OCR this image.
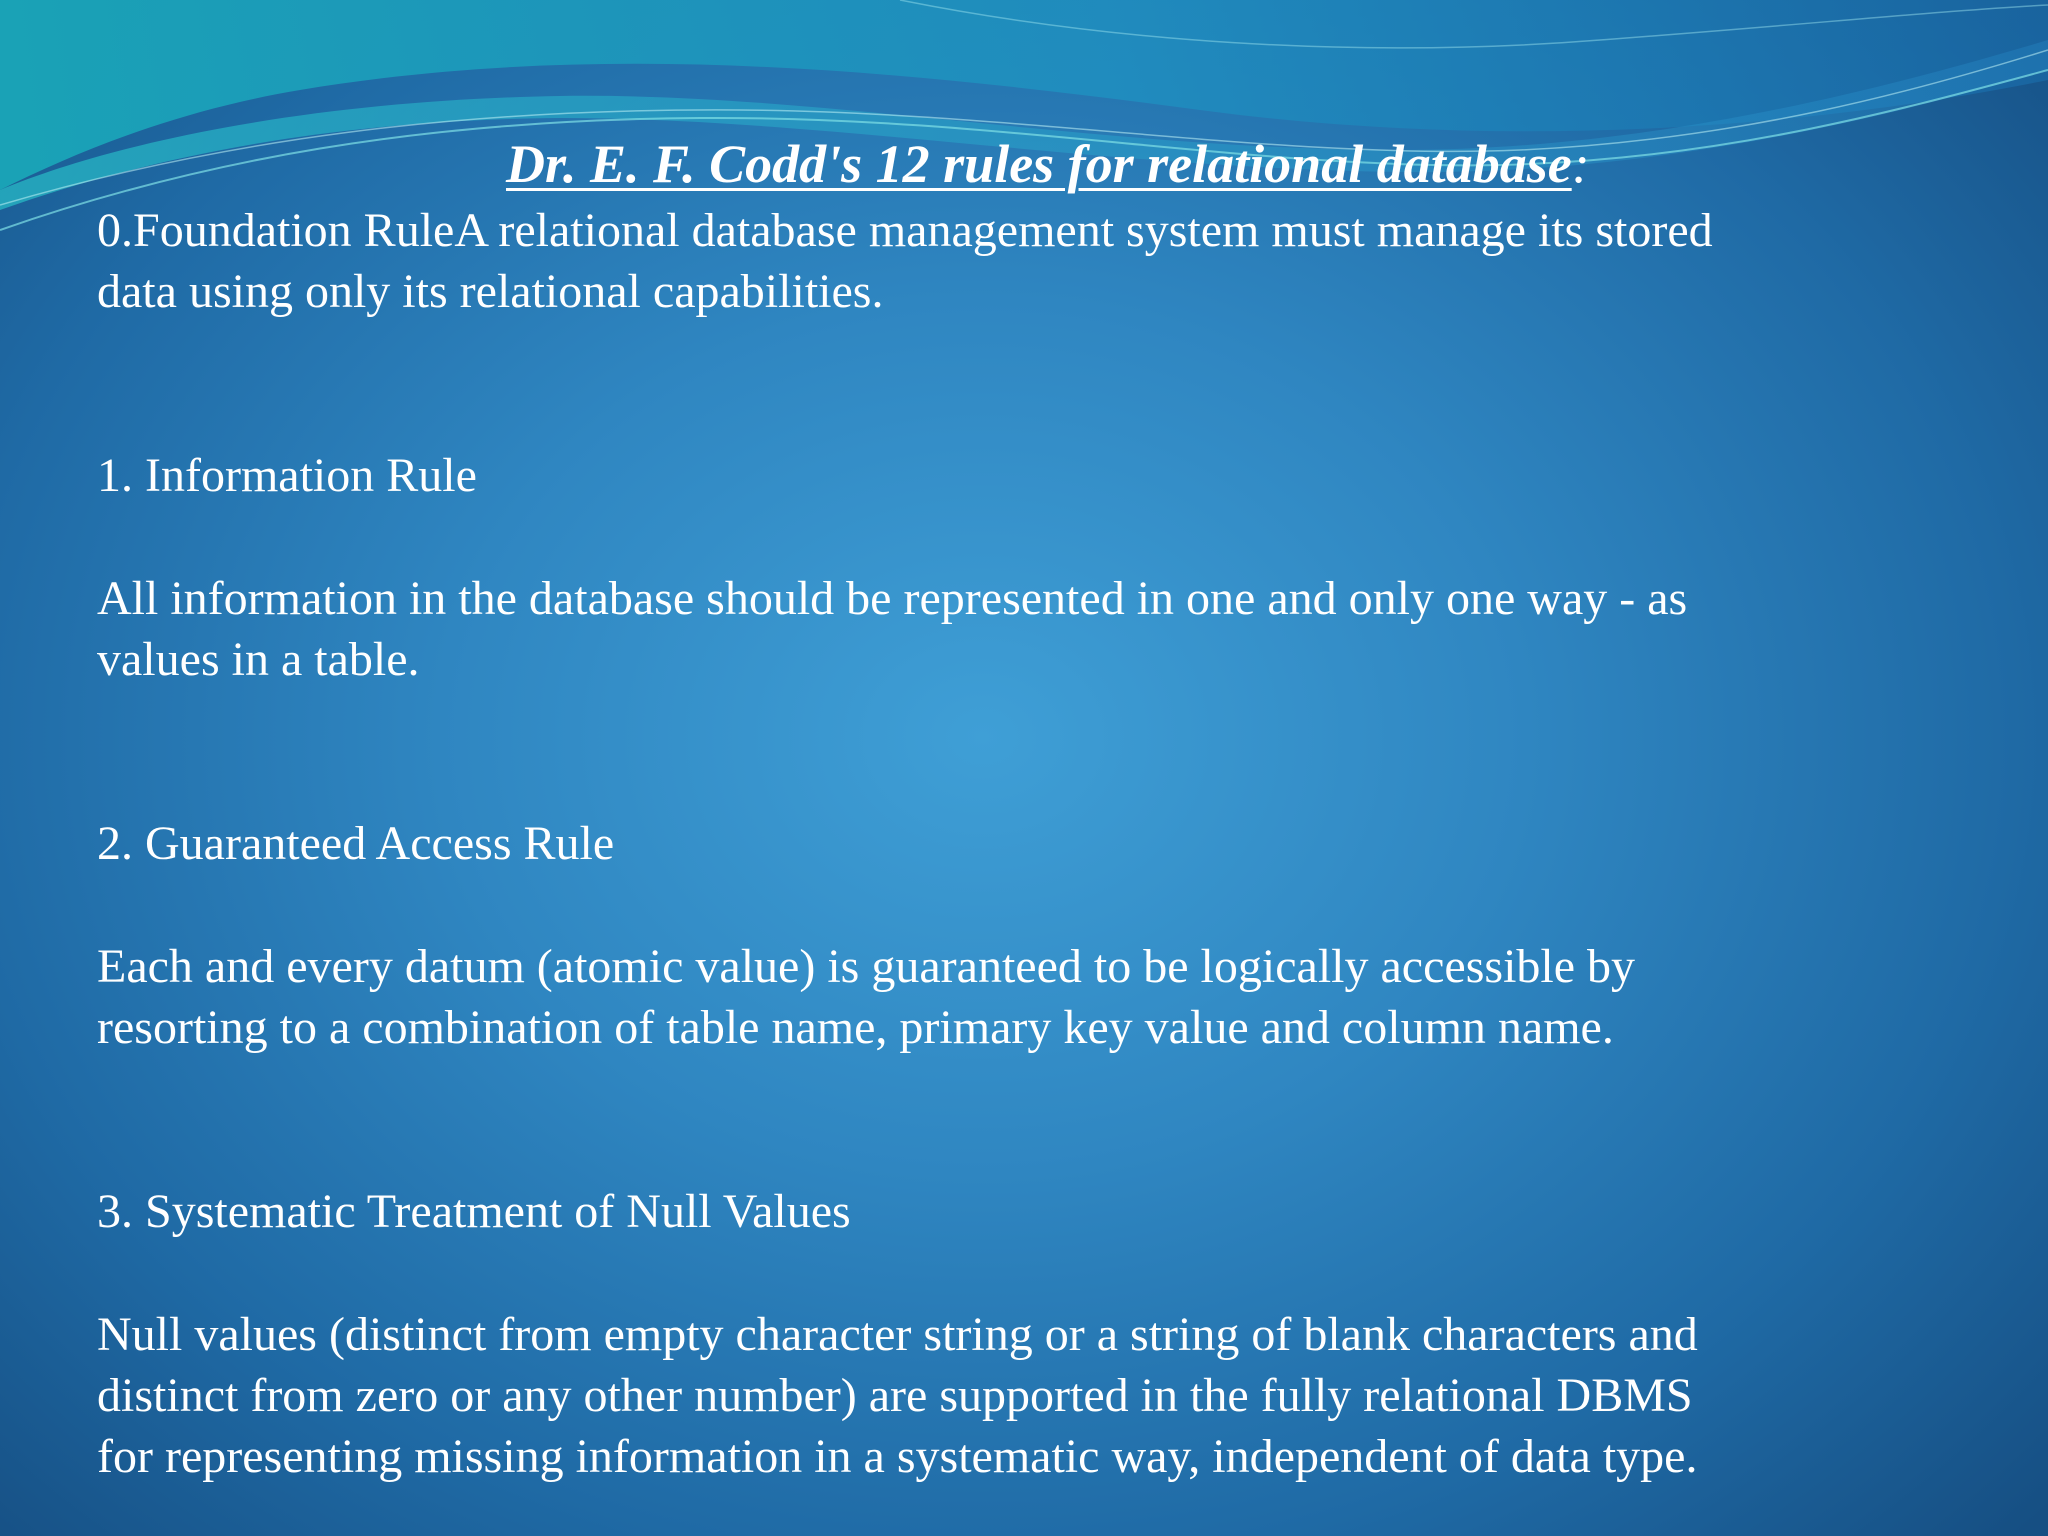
Dr. E. F. Codd's 12 rules for relational database:

0.Foundation RuleA relational database management system must manage its stored
data using only its relational capabilities.

1. Information Rule

All information in the database should be represented in one and only one way - as
values in a table.

2. Guaranteed Access Rule

Each and every datum (atomic value) is guaranteed to be logically accessible by
resorting to a combination of table name, primary key value and column name.

3. Systematic Treatment of Null Values

Null values (distinct from empty character string or a string of blank characters and
distinct from zero or any other number) are supported in the fully relational DBMS
for representing missing information in a systematic way, independent of data type.
